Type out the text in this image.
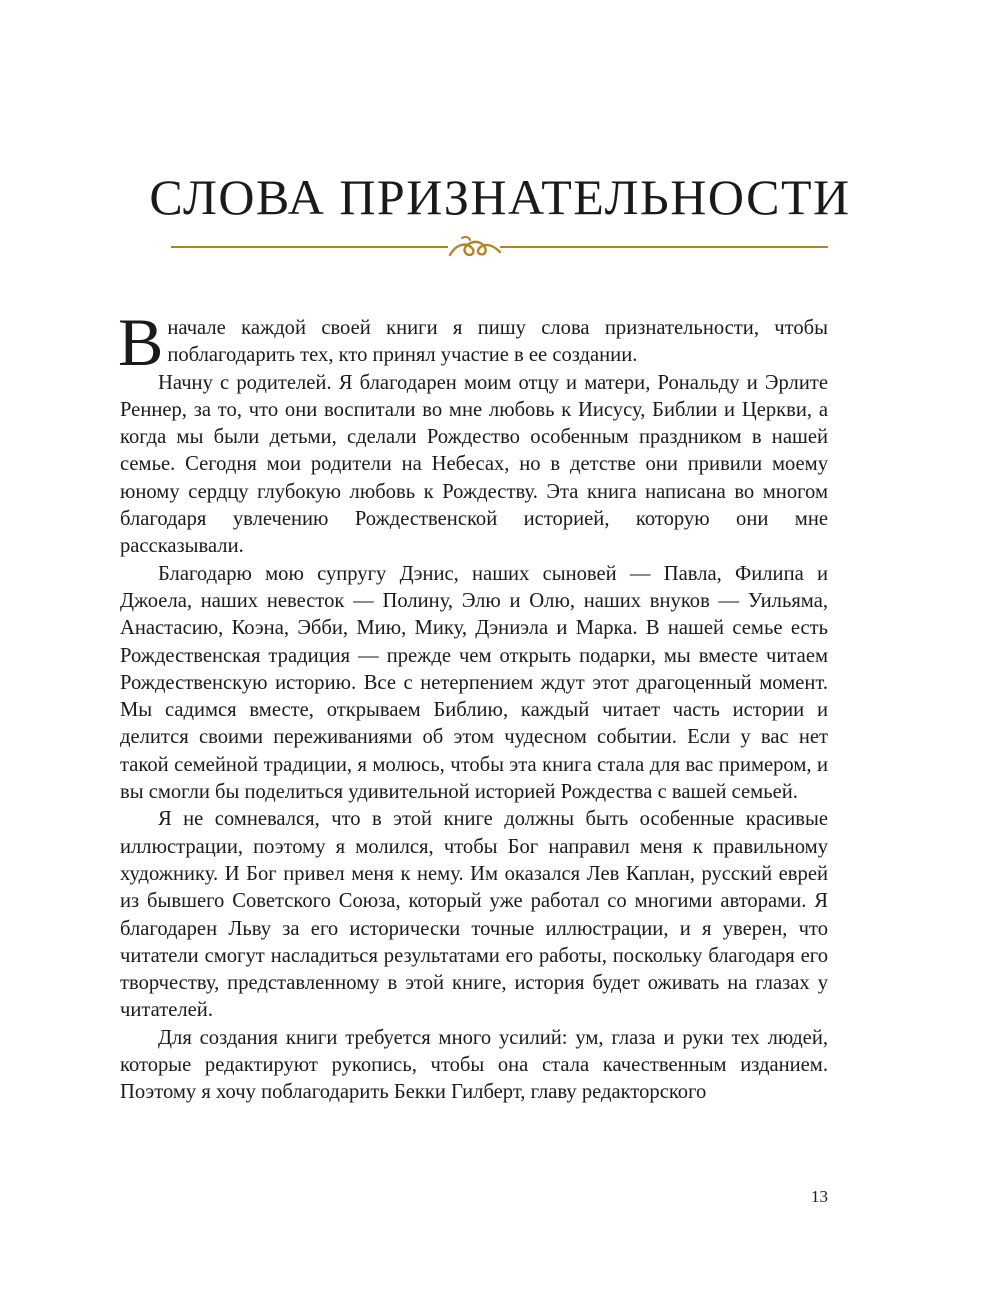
СЛОВА ПРИЗНАТЕЛЬНОСТИ

Вначале каждой своей книги я пишу слова признательности, чтобы поблагодарить тех, кто принял участие в ее создании.

Начну с родителей. Я благодарен моим отцу и матери, Рональду и Эрлите Реннер, за то, что они воспитали во мне любовь к Иисусу, Библии и Церкви, а когда мы были детьми, сделали Рождество особенным праздником в нашей семье. Сегодня мои родители на Небесах, но в детстве они привили моему юному сердцу глубокую любовь к Рождеству. Эта книга написана во многом благодаря увлечению Рождественской историей, которую они мне рассказывали.

Благодарю мою супругу Дэнис, наших сыновей — Павла, Филипа и Джоела, наших невесток — Полину, Элю и Олю, наших внуков — Уильяма, Анастасию, Коэна, Эбби, Мию, Мику, Дэниэла и Марка. В нашей семье есть Рождественская традиция — прежде чем открыть подарки, мы вместе читаем Рождественскую историю. Все с нетерпением ждут этот драгоценный момент. Мы садимся вместе, открываем Библию, каждый читает часть истории и делится своими переживаниями об этом чудесном событии. Если у вас нет такой семейной традиции, я молюсь, чтобы эта книга стала для вас примером, и вы смогли бы поделиться удивительной историей Рождества с вашей семьей.

Я не сомневался, что в этой книге должны быть особенные красивые иллюстрации, поэтому я молился, чтобы Бог направил меня к правильному художнику. И Бог привел меня к нему. Им оказался Лев Каплан, русский еврей из бывшего Советского Союза, который уже работал со многими авторами. Я благодарен Льву за его исторически точные иллюстрации, и я уверен, что читатели смогут насладиться результатами его работы, поскольку благодаря его творчеству, представленному в этой книге, история будет оживать на глазах у читателей.

Для создания книги требуется много усилий: ум, глаза и руки тех людей, которые редактируют рукопись, чтобы она стала качественным изданием. Поэтому я хочу поблагодарить Бекки Гилберт, главу редакторского

13
